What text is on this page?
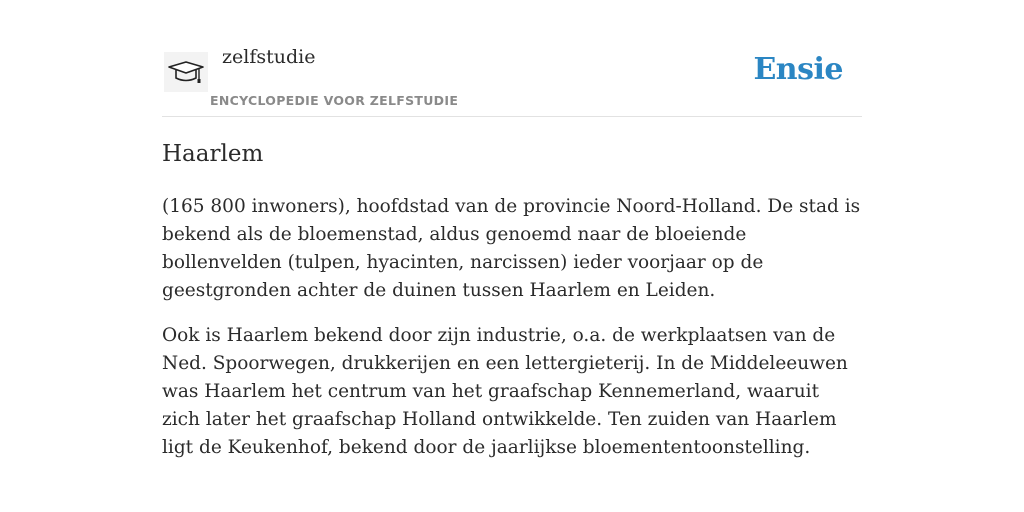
zelfstudie
ENCYCLOPEDIE VOOR ZELFSTUDIE
Ensie
Haarlem

(165 800 inwoners), hoofdstad van de provincie Noord-Holland. De stad is bekend als de bloemenstad, aldus genoemd naar de bloeiende bollenvelden (tulpen, hyacinten, narcissen) ieder voorjaar op de geestgronden achter de duinen tussen Haarlem en Leiden.

Ook is Haarlem bekend door zijn industrie, o.a. de werkplaatsen van de Ned. Spoorwegen, drukkerijen en een lettergieterij. In de Middeleeuwen was Haarlem het centrum van het graafschap Kennemerland, waaruit zich later het graafschap Holland ontwikkelde. Ten zuiden van Haarlem ligt de Keukenhof, bekend door de jaarlijkse bloemententoonstelling.
